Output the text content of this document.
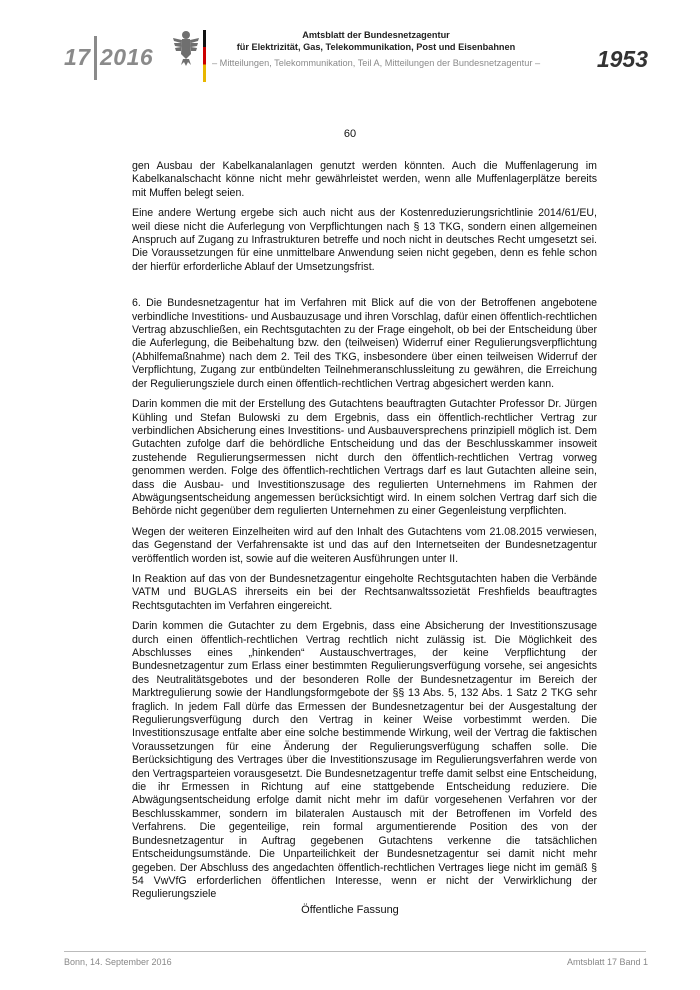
17 2016
Amtsblatt der Bundesnetzagentur
für Elektrizität, Gas, Telekommunikation, Post und Eisenbahnen
– Mitteilungen, Telekommunikation, Teil A, Mitteilungen der Bundesnetzagentur –	1953
60

gen Ausbau der Kabelkanalanlagen genutzt werden könnten. Auch die Muffenlagerung im Kabelkanalschacht könne nicht mehr gewährleistet werden, wenn alle Muffenlagerplätze bereits mit Muffen belegt seien.

Eine andere Wertung ergebe sich auch nicht aus der Kostenreduzierungsrichtlinie 2014/61/EU, weil diese nicht die Auferlegung von Verpflichtungen nach § 13 TKG, sondern einen allgemeinen Anspruch auf Zugang zu Infrastrukturen betreffe und noch nicht in deutsches Recht umgesetzt sei. Die Voraussetzungen für eine unmittelbare Anwendung seien nicht gegeben, denn es fehle schon der hierfür erforderliche Ablauf der Umsetzungsfrist.

6. Die Bundesnetzagentur hat im Verfahren mit Blick auf die von der Betroffenen angebotene verbindliche Investitions- und Ausbauzusage und ihren Vorschlag, dafür einen öffentlich-rechtlichen Vertrag abzuschließen, ein Rechtsgutachten zu der Frage eingeholt, ob bei der Entscheidung über die Auferlegung, die Beibehaltung bzw. den (teilweisen) Widerruf einer Regulierungsverpflichtung (Abhilfemaßnahme) nach dem 2. Teil des TKG, insbesondere über einen teilweisen Widerruf der Verpflichtung, Zugang zur entbündelten Teilnehmeranschlussleitung zu gewähren, die Erreichung der Regulierungsziele durch einen öffentlich-rechtlichen Vertrag abgesichert werden kann.

Darin kommen die mit der Erstellung des Gutachtens beauftragten Gutachter Professor Dr. Jürgen Kühling und Stefan Bulowski zu dem Ergebnis, dass ein öffentlich-rechtlicher Vertrag zur verbindlichen Absicherung eines Investitions- und Ausbauversprechens prinzipiell möglich ist. Dem Gutachten zufolge darf die behördliche Entscheidung und das der Beschlusskammer insoweit zustehende Regulierungsermessen nicht durch den öffentlich-rechtlichen Vertrag vorweg genommen werden. Folge des öffentlich-rechtlichen Vertrags darf es laut Gutachten alleine sein, dass die Ausbau- und Investitionszusage des regulierten Unternehmens im Rahmen der Abwägungsentscheidung angemessen berücksichtigt wird. In einem solchen Vertrag darf sich die Behörde nicht gegenüber dem regulierten Unternehmen zu einer Gegenleistung verpflichten.

Wegen der weiteren Einzelheiten wird auf den Inhalt des Gutachtens vom 21.08.2015 verwiesen, das Gegenstand der Verfahrensakte ist und das auf den Internetseiten der Bundesnetzagentur veröffentlich worden ist, sowie auf die weiteren Ausführungen unter II.

In Reaktion auf das von der Bundesnetzagentur eingeholte Rechtsgutachten haben die Verbände VATM und BUGLAS ihrerseits ein bei der Rechtsanwaltssozietät Freshfields beauftragtes Rechtsgutachten im Verfahren eingereicht.

Darin kommen die Gutachter zu dem Ergebnis, dass eine Absicherung der Investitionszusage durch einen öffentlich-rechtlichen Vertrag rechtlich nicht zulässig ist. Die Möglichkeit des Abschlusses eines „hinkenden“ Austauschvertrages, der keine Verpflichtung der Bundesnetzagentur zum Erlass einer bestimmten Regulierungsverfügung vorsehe, sei angesichts des Neutralitätsgebotes und der besonderen Rolle der Bundesnetzagentur im Bereich der Marktregulierung sowie der Handlungsformgebote der §§ 13 Abs. 5, 132 Abs. 1 Satz 2 TKG sehr fraglich. In jedem Fall dürfe das Ermessen der Bundesnetzagentur bei der Ausgestaltung der Regulierungsverfügung durch den Vertrag in keiner Weise vorbestimmt werden. Die Investitionszusage entfalte aber eine solche bestimmende Wirkung, weil der Vertrag die faktischen Voraussetzungen für eine Änderung der Regulierungsverfügung schaffen solle. Die Berücksichtigung des Vertrages über die Investitionszusage im Regulierungsverfahren werde von den Vertragsparteien vorausgesetzt. Die Bundesnetzagentur treffe damit selbst eine Entscheidung, die ihr Ermessen in Richtung auf eine stattgebende Entscheidung reduziere. Die Abwägungsentscheidung erfolge damit nicht mehr im dafür vorgesehenen Verfahren vor der Beschlusskammer, sondern im bilateralen Austausch mit der Betroffenen im Vorfeld des Verfahrens. Die gegenteilige, rein formal argumentierende Position des von der Bundesnetzagentur in Auftrag gegebenen Gutachtens verkenne die tatsächlichen Entscheidungsumstände. Die Unparteilichkeit der Bundesnetzagentur sei damit nicht mehr gegeben. Der Abschluss des angedachten öffentlich-rechtlichen Vertrages liege nicht im gemäß § 54 VwVfG erforderlichen öffentlichen Interesse, wenn er nicht der Verwirklichung der Regulierungsziele

Öffentliche Fassung
Bonn, 14. September 2016	Amtsblatt 17 Band 1
